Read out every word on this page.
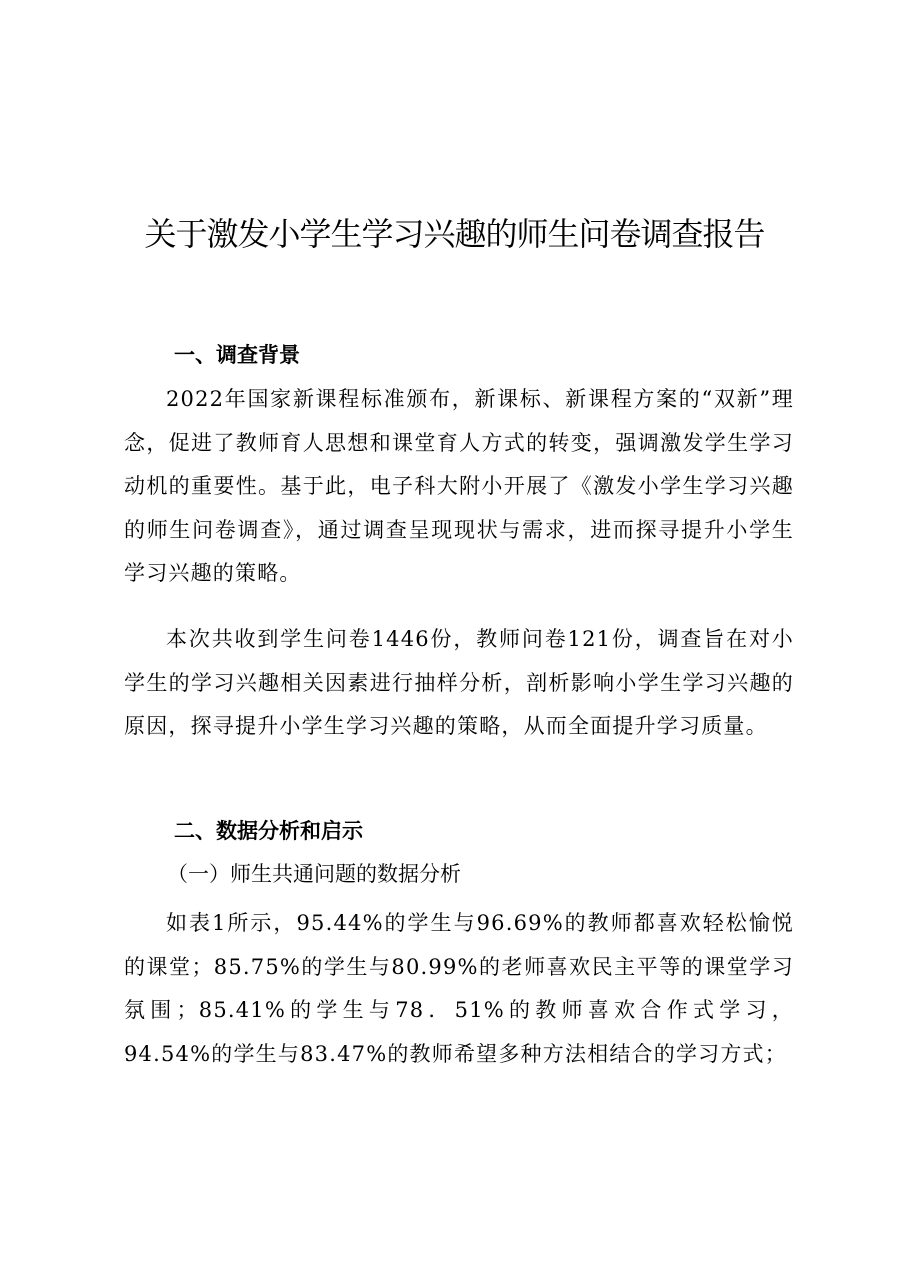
关于激发小学生学习兴趣的师生问卷调查报告
一、调查背景

2022年国家新课程标准颁布，新课标、新课程方案的“双新”理念，促进了教师育人思想和课堂育人方式的转变，强调激发学生学习动机的重要性。基于此，电子科大附小开展了《激发小学生学习兴趣的师生问卷调查》，通过调查呈现现状与需求，进而探寻提升小学生学习兴趣的策略。

本次共收到学生问卷1446份，教师问卷121份，调查旨在对小学生的学习兴趣相关因素进行抽样分析，剖析影响小学生学习兴趣的原因，探寻提升小学生学习兴趣的策略，从而全面提升学习质量。

二、数据分析和启示
（一）师生共通问题的数据分析

如表1所示，95.44%的学生与96.69%的教师都喜欢轻松愉悦的课堂；85.75%的学生与80.99%的老师喜欢民主平等的课堂学习氛围；85.41%的学生与78．51%的教师喜欢合作式学习，94.54%的学生与83.47%的教师希望多种方法相结合的学习方式；
